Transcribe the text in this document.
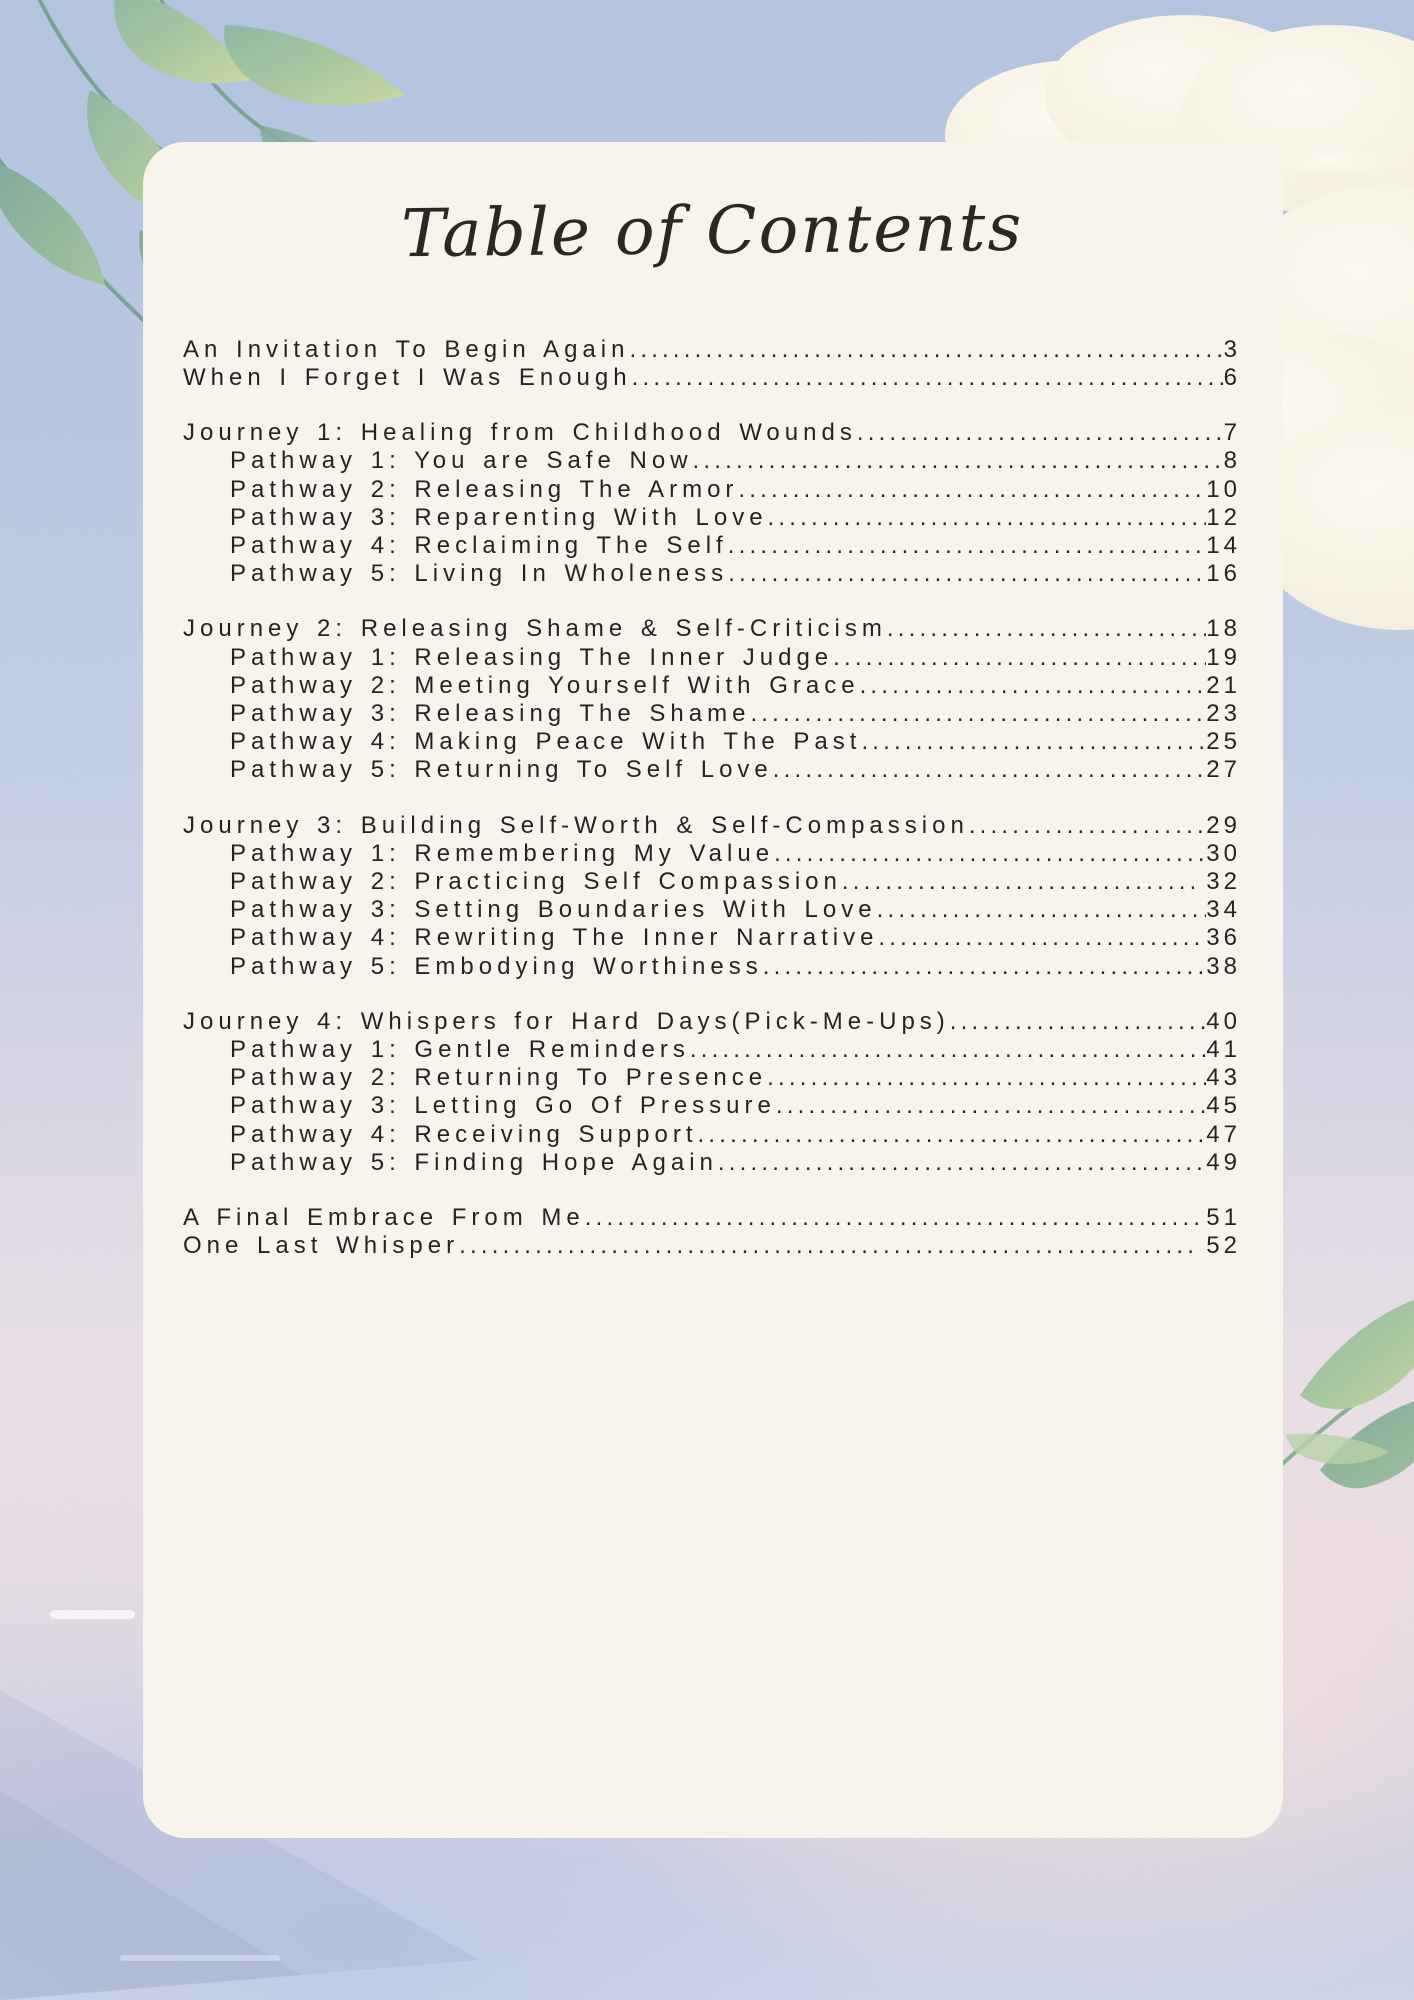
Table of Contents
An Invitation To Begin Again .....	3
When I Forget I Was Enough .....	6
Journey 1: Healing from Childhood Wounds .....	7
Pathway 1: You are Safe Now .....	8
Pathway 2: Releasing The Armor .....	10
Pathway 3: Reparenting With Love .....	12
Pathway 4: Reclaiming The Self .....	14
Pathway 5: Living In Wholeness .....	16
Journey 2: Releasing Shame & Self-Criticism .....	18
Pathway 1: Releasing The Inner Judge .....	19
Pathway 2: Meeting Yourself With Grace .....	21
Pathway 3: Releasing The Shame .....	23
Pathway 4: Making Peace With The Past .....	25
Pathway 5: Returning To Self Love .....	27
Journey 3: Building Self-Worth & Self-Compassion .....	29
Pathway 1: Remembering My Value .....	30
Pathway 2: Practicing Self Compassion .....	32
Pathway 3: Setting Boundaries With Love .....	34
Pathway 4: Rewriting The Inner Narrative .....	36
Pathway 5: Embodying Worthiness .....	38
Journey 4: Whispers for Hard Days(Pick-Me-Ups) .....	40
Pathway 1: Gentle Reminders .....	41
Pathway 2: Returning To Presence .....	43
Pathway 3: Letting Go Of Pressure .....	45
Pathway 4: Receiving Support .....	47
Pathway 5: Finding Hope Again .....	49
A Final Embrace From Me .....	51
One Last Whisper .....	52
